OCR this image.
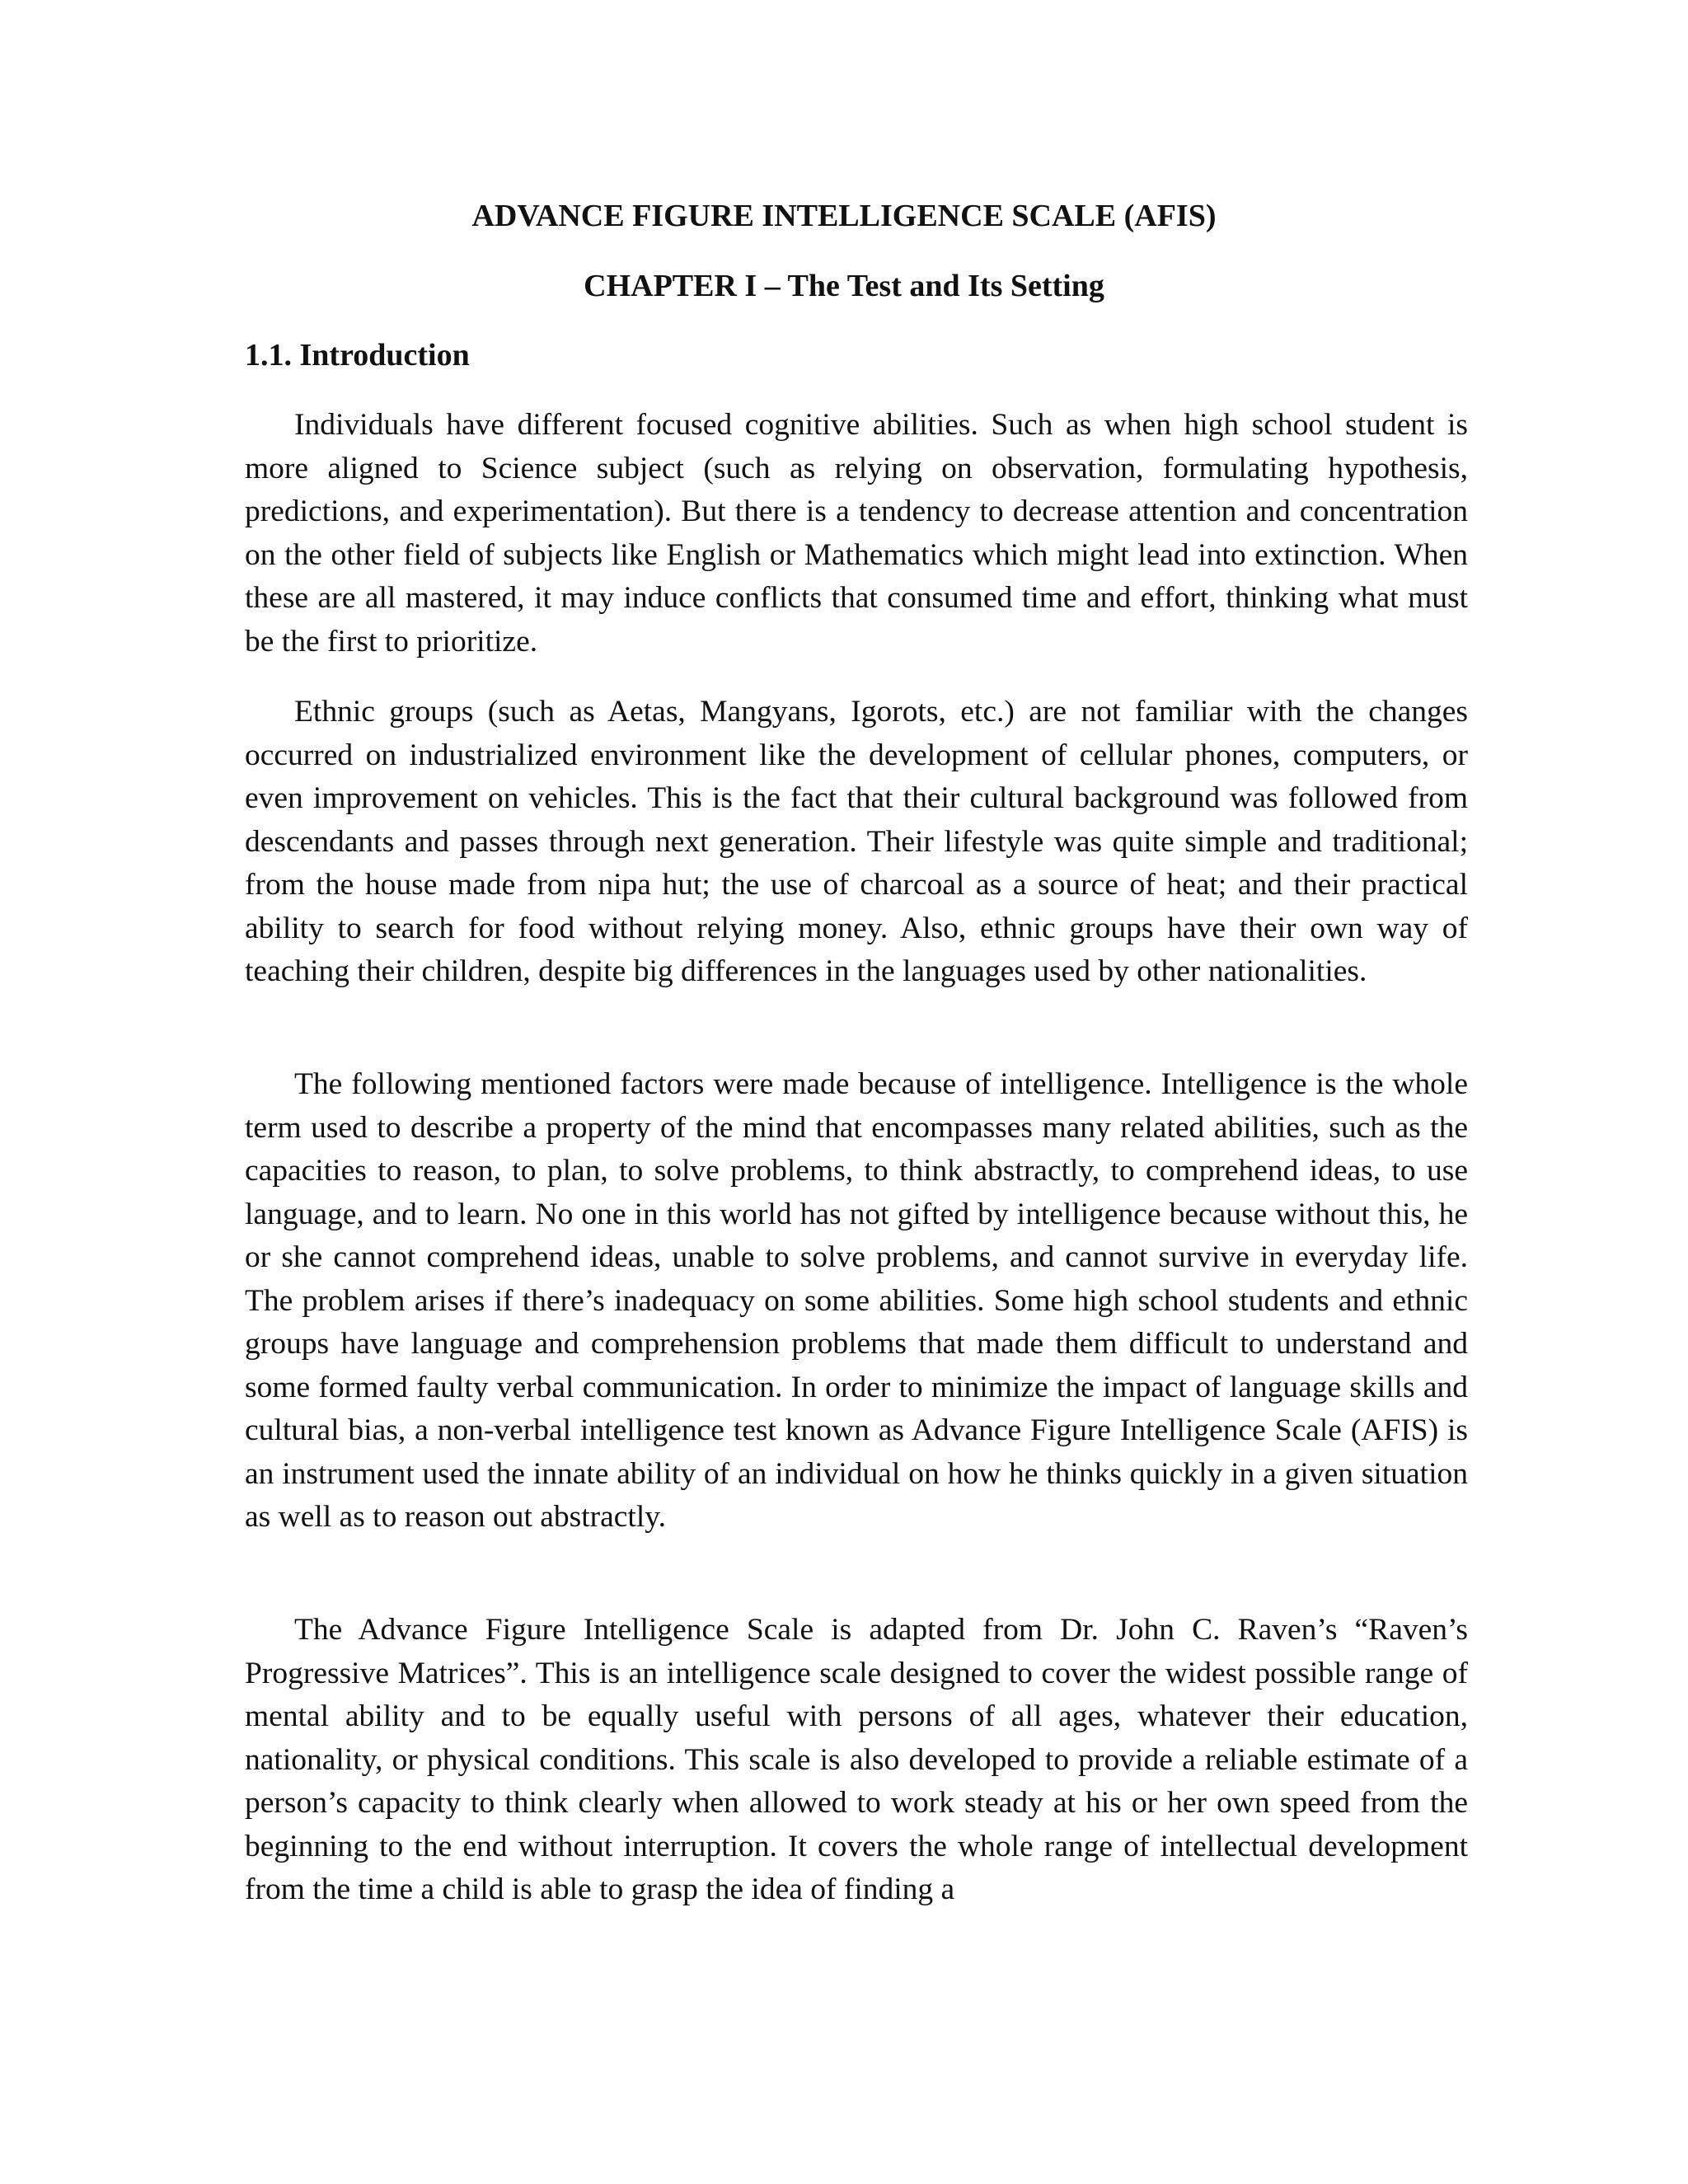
ADVANCE FIGURE INTELLIGENCE SCALE (AFIS)
CHAPTER I – The Test and Its Setting
1.1. Introduction

Individuals have different focused cognitive abilities. Such as when high school student is more aligned to Science subject (such as relying on observation, formulating hypothesis, predictions, and experimentation). But there is a tendency to decrease attention and concentration on the other field of subjects like English or Mathematics which might lead into extinction. When these are all mastered, it may induce conflicts that consumed time and effort, thinking what must be the first to prioritize.

Ethnic groups (such as Aetas, Mangyans, Igorots, etc.) are not familiar with the changes occurred on industrialized environment like the development of cellular phones, computers, or even improvement on vehicles. This is the fact that their cultural background was followed from descendants and passes through next generation. Their lifestyle was quite simple and traditional; from the house made from nipa hut; the use of charcoal as a source of heat; and their practical ability to search for food without relying money. Also, ethnic groups have their own way of teaching their children, despite big differences in the languages used by other nationalities.

The following mentioned factors were made because of intelligence. Intelligence is the whole term used to describe a property of the mind that encompasses many related abilities, such as the capacities to reason, to plan, to solve problems, to think abstractly, to comprehend ideas, to use language, and to learn. No one in this world has not gifted by intelligence because without this, he or she cannot comprehend ideas, unable to solve problems, and cannot survive in everyday life. The problem arises if there’s inadequacy on some abilities. Some high school students and ethnic groups have language and comprehension problems that made them difficult to understand and some formed faulty verbal communication. In order to minimize the impact of language skills and cultural bias, a non-verbal intelligence test known as Advance Figure Intelligence Scale (AFIS) is an instrument used the innate ability of an individual on how he thinks quickly in a given situation as well as to reason out abstractly.

The Advance Figure Intelligence Scale is adapted from Dr. John C. Raven’s “Raven’s Progressive Matrices”. This is an intelligence scale designed to cover the widest possible range of mental ability and to be equally useful with persons of all ages, whatever their education, nationality, or physical conditions. This scale is also developed to provide a reliable estimate of a person’s capacity to think clearly when allowed to work steady at his or her own speed from the beginning to the end without interruption. It covers the whole range of intellectual development from the time a child is able to grasp the idea of finding a
